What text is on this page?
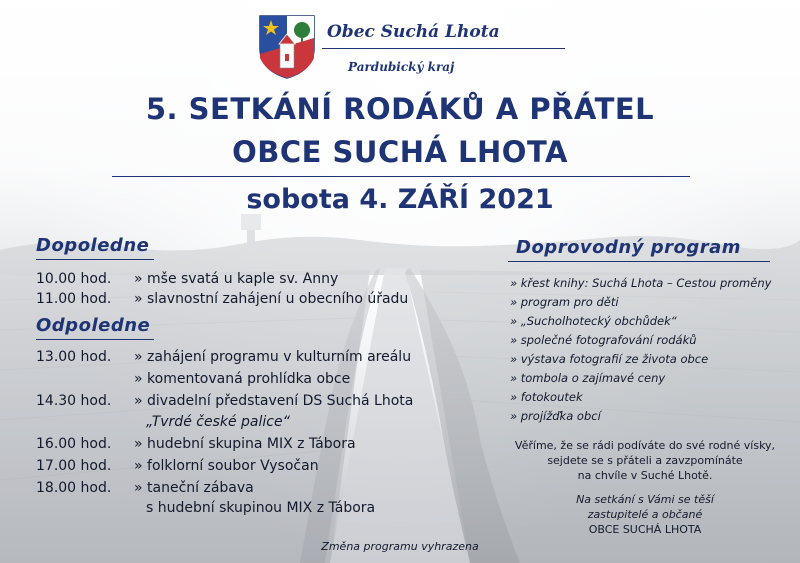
Obec Suchá Lhota
Pardubický kraj
5. SETKÁNÍ RODÁKŮ A PŘÁTEL
OBCE SUCHÁ LHOTA
sobota 4. ZÁŘÍ 2021
Dopoledne
10.00 hod. » mše svatá u kaple sv. Anny
11.00 hod. » slavnostní zahájení u obecního úřadu
Odpoledne
13.00 hod. » zahájení programu v kulturním areálu
» komentovaná prohlídka obce
14.30 hod. » divadelní představení DS Suchá Lhota
„Tvrdé české palice“
16.00 hod. » hudební skupina MIX z Tábora
17.00 hod. » folklorní soubor Vysočan
18.00 hod. » taneční zábava
s hudební skupinou MIX z Tábora
Doprovodný program
» křest knihy: Suchá Lhota – Cestou proměny
» program pro děti
» „Sucholhotecký obchůdek“
» společné fotografování rodáků
» výstava fotografií ze života obce
» tombola o zajímavé ceny
» fotokoutek
» projížďka obcí
Věříme, že se rádi podíváte do své rodné vísky,
sejdete se s přáteli a zavzpomínáte
na chvíle v Suché Lhotě.
Na setkání s Vámi se těší
zastupitelé a občané
OBCE SUCHÁ LHOTA
Změna programu vyhrazena
